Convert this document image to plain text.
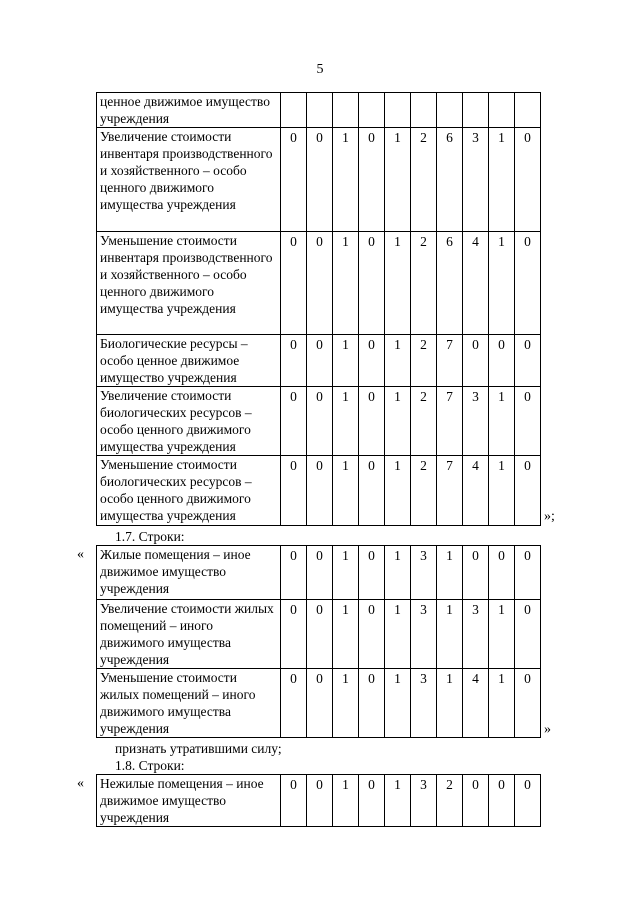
5
ценное движимое имущество учреждения										
Увеличение стоимости инвентаря производственного и хозяйственного – особо ценного движимого имущества учреждения	0	0	1	0	1	2	6	3	1	0
Уменьшение стоимости инвентаря производственного и хозяйственного – особо ценного движимого имущества учреждения	0	0	1	0	1	2	6	4	1	0
Биологические ресурсы – особо ценное движимое имущество учреждения	0	0	1	0	1	2	7	0	0	0
Увеличение стоимости биологических ресурсов – особо ценного движимого имущества учреждения	0	0	1	0	1	2	7	3	1	0
Уменьшение стоимости биологических ресурсов – особо ценного движимого имущества учреждения	0	0	1	0	1	2	7	4	1	0
»;
1.7. Строки:
« Жилые помещения – иное движимое имущество учреждения	0	0	1	0	1	3	1	0	0	0
Увеличение стоимости жилых помещений – иного движимого имущества учреждения	0	0	1	0	1	3	1	3	1	0
Уменьшение стоимости жилых помещений – иного движимого имущества учреждения	0	0	1	0	1	3	1	4	1	0
»
признать утратившими силу;
1.8. Строки:
« Нежилые помещения – иное движимое имущество учреждения	0	0	1	0	1	3	2	0	0	0
